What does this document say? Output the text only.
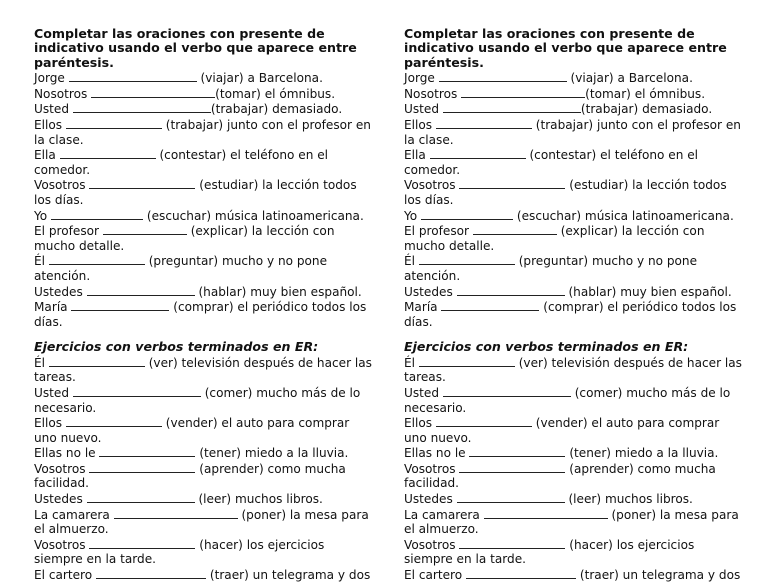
Completar las oraciones con presente de indicativo usando el verbo que aparece entre paréntesis.

Jorge	(viajar) a Barcelona.

Nosotros	(tomar) el ómnibus.

Usted	(trabajar) demasiado.

Ellos	(trabajar) junto con el profesor en la clase.

Ella	(contestar) el teléfono en el comedor.

Vosotros	(estudiar) la lección todos los días.

Yo	(escuchar) música latinoamericana.

El profesor	(explicar) la lección con mucho detalle.

Él	(preguntar) mucho y no pone atención.

Ustedes	(hablar) muy bien español.

María	(comprar) el periódico todos los días.

Ejercicios con verbos terminados en ER:

Él	(ver) televisión después de hacer las tareas.

Usted	(comer) mucho más de lo necesario.

Ellos	(vender) el auto para comprar uno nuevo.

Ellas no le	(tener) miedo a la lluvia.

Vosotros	(aprender) como mucha facilidad.

Ustedes	(leer) muchos libros.

La camarera	(poner) la mesa para el almuerzo.

Vosotros	(hacer) los ejercicios siempre en la tarde.

El cartero	(traer) un telegrama y dos

Completar las oraciones con presente de indicativo usando el verbo que aparece entre paréntesis.

Jorge	(viajar) a Barcelona.

Nosotros	(tomar) el ómnibus.

Usted	(trabajar) demasiado.

Ellos	(trabajar) junto con el profesor en la clase.

Ella	(contestar) el teléfono en el comedor.

Vosotros	(estudiar) la lección todos los días.

Yo	(escuchar) música latinoamericana.

El profesor	(explicar) la lección con mucho detalle.

Él	(preguntar) mucho y no pone atención.

Ustedes	(hablar) muy bien español.

María	(comprar) el periódico todos los días.

Ejercicios con verbos terminados en ER:

Él	(ver) televisión después de hacer las tareas.

Usted	(comer) mucho más de lo necesario.

Ellos	(vender) el auto para comprar uno nuevo.

Ellas no le	(tener) miedo a la lluvia.

Vosotros	(aprender) como mucha facilidad.

Ustedes	(leer) muchos libros.

La camarera	(poner) la mesa para el almuerzo.

Vosotros	(hacer) los ejercicios siempre en la tarde.

El cartero	(traer) un telegrama y dos
